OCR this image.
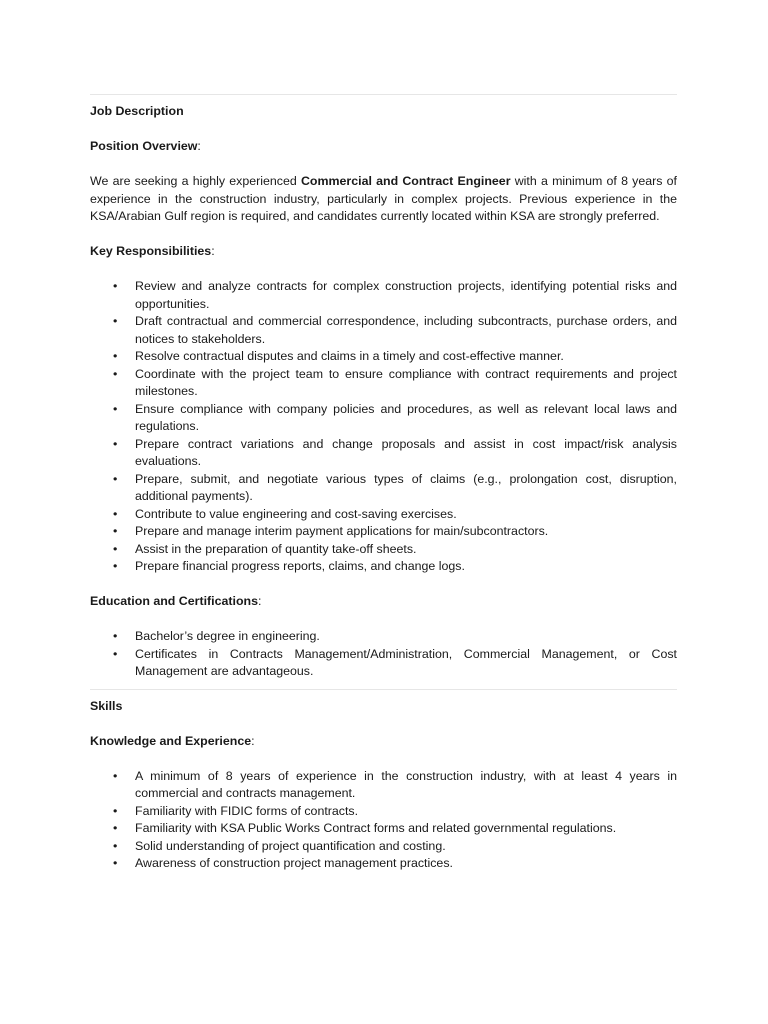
Job Description
Position Overview:

We are seeking a highly experienced Commercial and Contract Engineer with a minimum of 8 years of experience in the construction industry, particularly in complex projects. Previous experience in the KSA/Arabian Gulf region is required, and candidates currently located within KSA are strongly preferred.

Key Responsibilities:
• Review and analyze contracts for complex construction projects, identifying potential risks and opportunities.
• Draft contractual and commercial correspondence, including subcontracts, purchase orders, and notices to stakeholders.
• Resolve contractual disputes and claims in a timely and cost-effective manner.
• Coordinate with the project team to ensure compliance with contract requirements and project milestones.
• Ensure compliance with company policies and procedures, as well as relevant local laws and regulations.
• Prepare contract variations and change proposals and assist in cost impact/risk analysis evaluations.
• Prepare, submit, and negotiate various types of claims (e.g., prolongation cost, disruption, additional payments).
• Contribute to value engineering and cost-saving exercises.
• Prepare and manage interim payment applications for main/subcontractors.
• Assist in the preparation of quantity take-off sheets.
• Prepare financial progress reports, claims, and change logs.
Education and Certifications:
• Bachelor’s degree in engineering.
• Certificates in Contracts Management/Administration, Commercial Management, or Cost Management are advantageous.
Skills
Knowledge and Experience:
• A minimum of 8 years of experience in the construction industry, with at least 4 years in commercial and contracts management.
• Familiarity with FIDIC forms of contracts.
• Familiarity with KSA Public Works Contract forms and related governmental regulations.
• Solid understanding of project quantification and costing.
• Awareness of construction project management practices.
